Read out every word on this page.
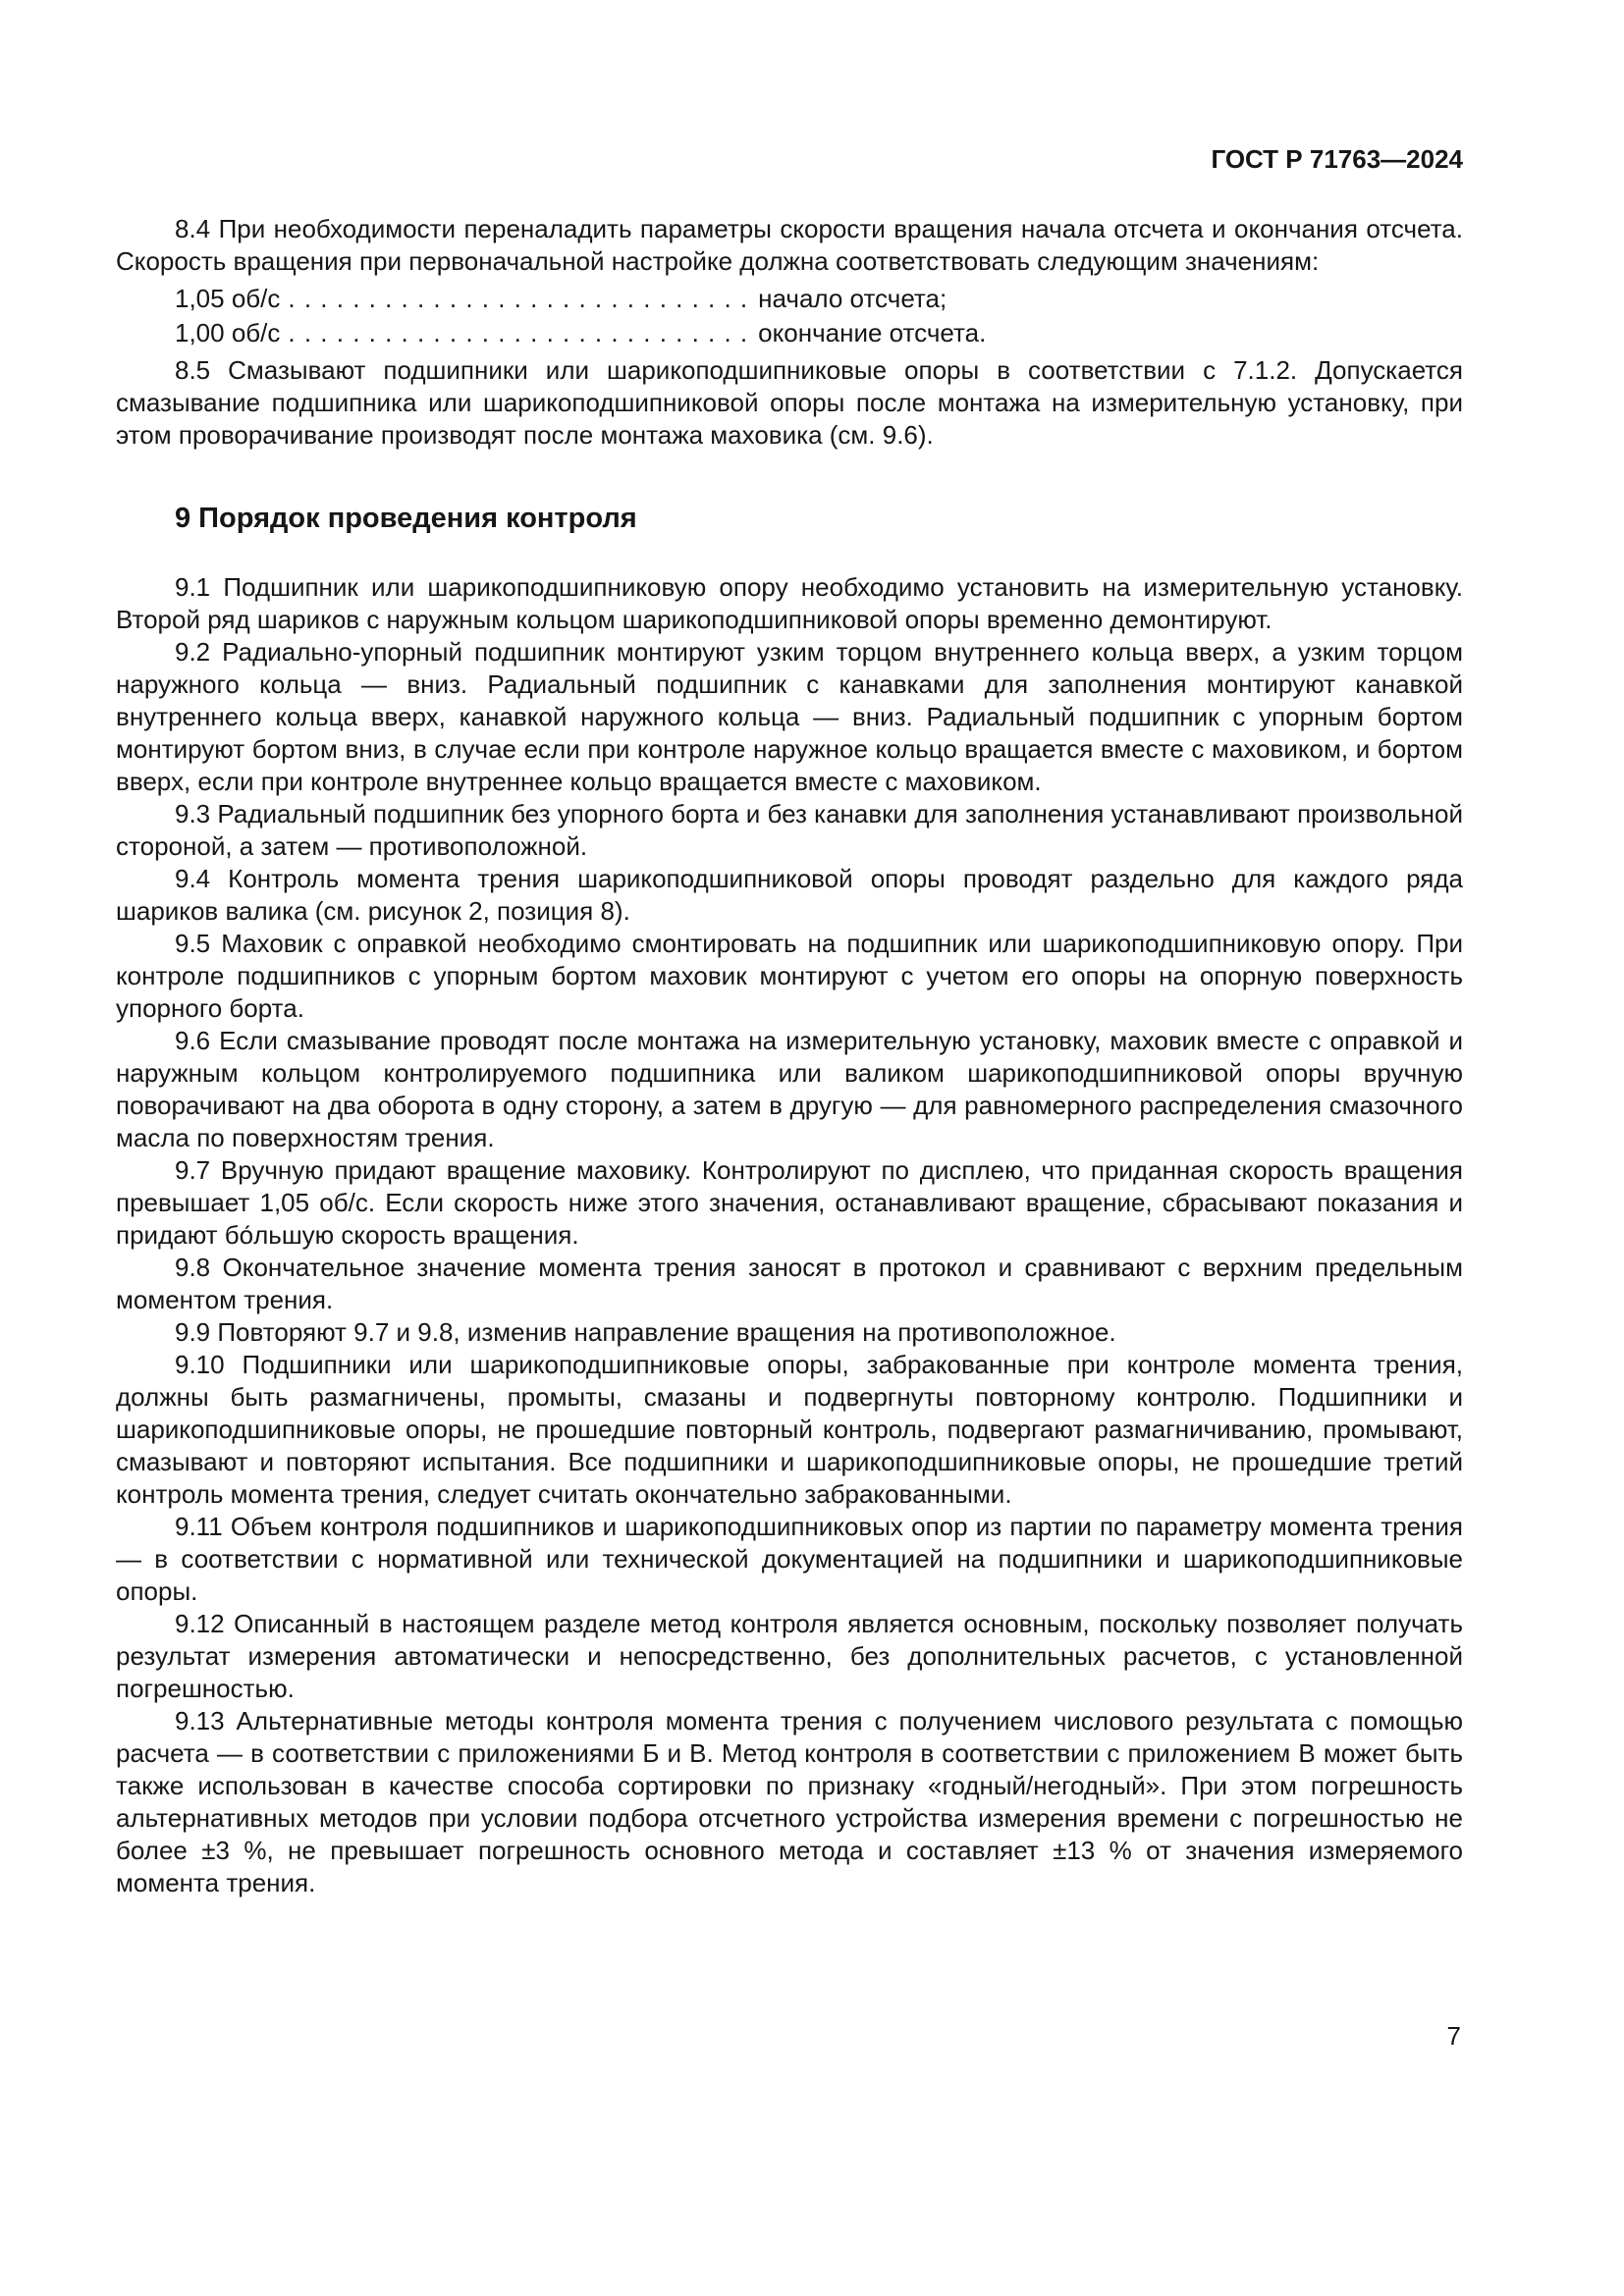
ГОСТ Р 71763—2024

8.4 При необходимости переналадить параметры скорости вращения начала отсчета и окончания отсчета. Скорость вращения при первоначальной настройке должна соответствовать следующим значениям:

1,05 об/с . . . . . . . . . . . . . . . . . . . . . . . . . . . . . начало отсчета;
1,00 об/с . . . . . . . . . . . . . . . . . . . . . . . . . . . . . окончание отсчета.

8.5 Смазывают подшипники или шарикоподшипниковые опоры в соответствии с 7.1.2. Допускается смазывание подшипника или шарикоподшипниковой опоры после монтажа на измерительную установку, при этом проворачивание производят после монтажа маховика (см. 9.6).

9 Порядок проведения контроля

9.1 Подшипник или шарикоподшипниковую опору необходимо установить на измерительную установку. Второй ряд шариков с наружным кольцом шарикоподшипниковой опоры временно демонтируют.

9.2 Радиально-упорный подшипник монтируют узким торцом внутреннего кольца вверх, а узким торцом наружного кольца — вниз. Радиальный подшипник с канавками для заполнения монтируют канавкой внутреннего кольца вверх, канавкой наружного кольца — вниз. Радиальный подшипник с упорным бортом монтируют бортом вниз, в случае если при контроле наружное кольцо вращается вместе с маховиком, и бортом вверх, если при контроле внутреннее кольцо вращается вместе с маховиком.

9.3 Радиальный подшипник без упорного борта и без канавки для заполнения устанавливают произвольной стороной, а затем — противоположной.

9.4 Контроль момента трения шарикоподшипниковой опоры проводят раздельно для каждого ряда шариков валика (см. рисунок 2, позиция 8).

9.5 Маховик с оправкой необходимо смонтировать на подшипник или шарикоподшипниковую опору. При контроле подшипников с упорным бортом маховик монтируют с учетом его опоры на опорную поверхность упорного борта.

9.6 Если смазывание проводят после монтажа на измерительную установку, маховик вместе с оправкой и наружным кольцом контролируемого подшипника или валиком шарикоподшипниковой опоры вручную поворачивают на два оборота в одну сторону, а затем в другую — для равномерного распределения смазочного масла по поверхностям трения.

9.7 Вручную придают вращение маховику. Контролируют по дисплею, что приданная скорость вращения превышает 1,05 об/с. Если скорость ниже этого значения, останавливают вращение, сбрасывают показания и придают бо́льшую скорость вращения.

9.8 Окончательное значение момента трения заносят в протокол и сравнивают с верхним предельным моментом трения.

9.9 Повторяют 9.7 и 9.8, изменив направление вращения на противоположное.

9.10 Подшипники или шарикоподшипниковые опоры, забракованные при контроле момента трения, должны быть размагничены, промыты, смазаны и подвергнуты повторному контролю. Подшипники и шарикоподшипниковые опоры, не прошедшие повторный контроль, подвергают размагничиванию, промывают, смазывают и повторяют испытания. Все подшипники и шарикоподшипниковые опоры, не прошедшие третий контроль момента трения, следует считать окончательно забракованными.

9.11 Объем контроля подшипников и шарикоподшипниковых опор из партии по параметру момента трения — в соответствии с нормативной или технической документацией на подшипники и шарикоподшипниковые опоры.

9.12 Описанный в настоящем разделе метод контроля является основным, поскольку позволяет получать результат измерения автоматически и непосредственно, без дополнительных расчетов, с установленной погрешностью.

9.13 Альтернативные методы контроля момента трения с получением числового результата с помощью расчета — в соответствии с приложениями Б и В. Метод контроля в соответствии с приложением В может быть также использован в качестве способа сортировки по признаку «годный/негодный». При этом погрешность альтернативных методов при условии подбора отсчетного устройства измерения времени с погрешностью не более ±3 %, не превышает погрешность основного метода и составляет ±13 % от значения измеряемого момента трения.

7
